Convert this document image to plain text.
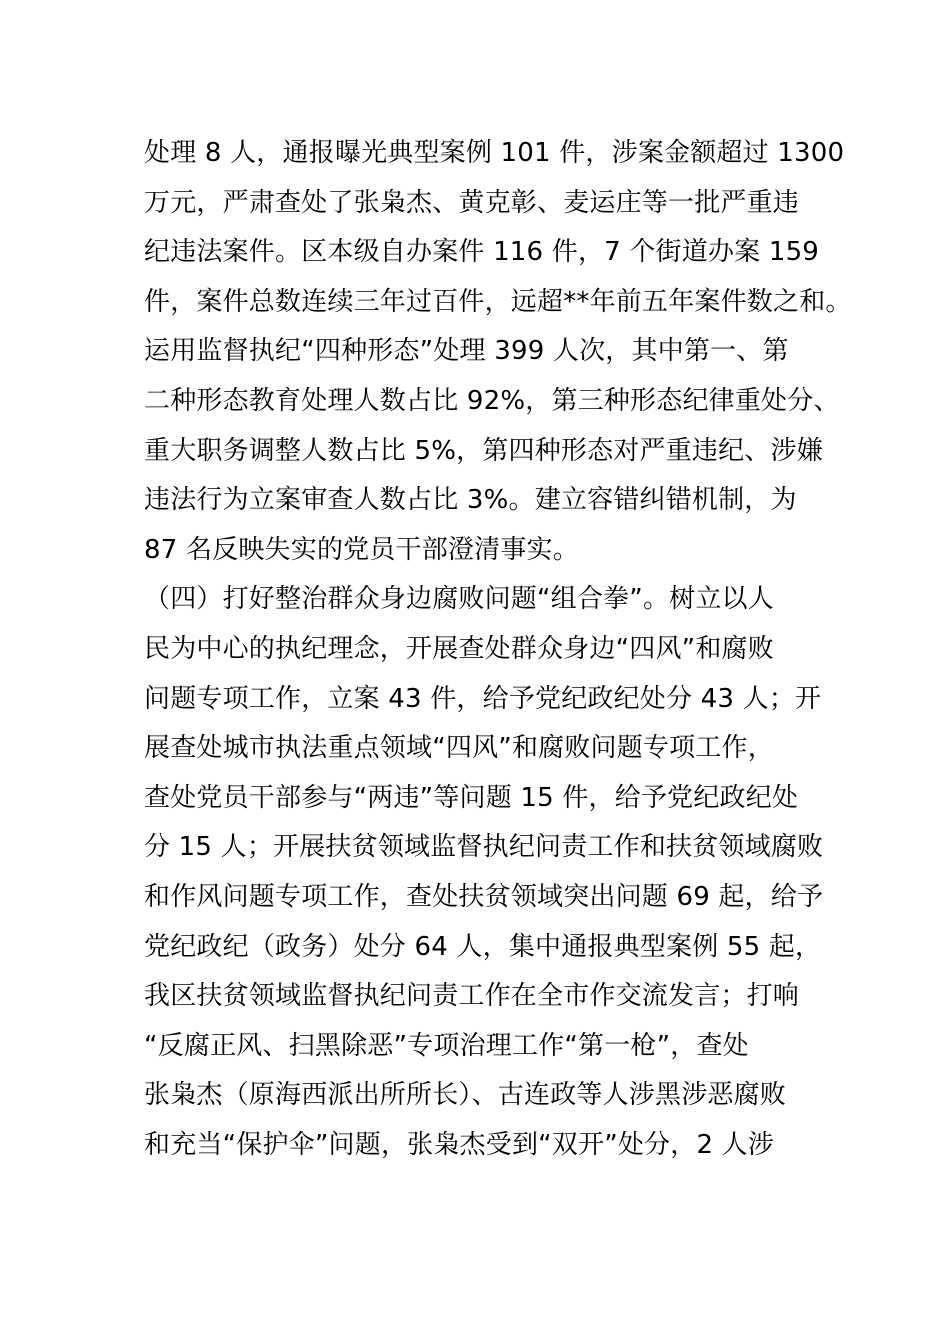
处理 8 人，通报曝光典型案例 101 件，涉案金额超过 1300
万元，严肃查处了张枭杰、黄克彰、麦运庄等一批严重违
纪违法案件。区本级自办案件 116 件，7 个街道办案 159
件，案件总数连续三年过百件，远超**年前五年案件数之和。
运用监督执纪“四种形态”处理 399 人次，其中第一、第
二种形态教育处理人数占比 92%，第三种形态纪律重处分、
重大职务调整人数占比 5%，第四种形态对严重违纪、涉嫌
违法行为立案审查人数占比 3%。建立容错纠错机制，为
87 名反映失实的党员干部澄清事实。
（四）打好整治群众身边腐败问题“组合拳”。树立以人
民为中心的执纪理念，开展查处群众身边“四风”和腐败
问题专项工作，立案 43 件，给予党纪政纪处分 43 人；开
展查处城市执法重点领域“四风”和腐败问题专项工作，
查处党员干部参与“两违”等问题 15 件，给予党纪政纪处
分 15 人；开展扶贫领域监督执纪问责工作和扶贫领域腐败
和作风问题专项工作，查处扶贫领域突出问题 69 起，给予
党纪政纪（政务）处分 64 人，集中通报典型案例 55 起，
我区扶贫领域监督执纪问责工作在全市作交流发言；打响
“反腐正风、扫黑除恶”专项治理工作“第一枪”，查处
张枭杰（原海西派出所所长）、古连政等人涉黑涉恶腐败
和充当“保护伞”问题，张枭杰受到“双开”处分，2 人涉
